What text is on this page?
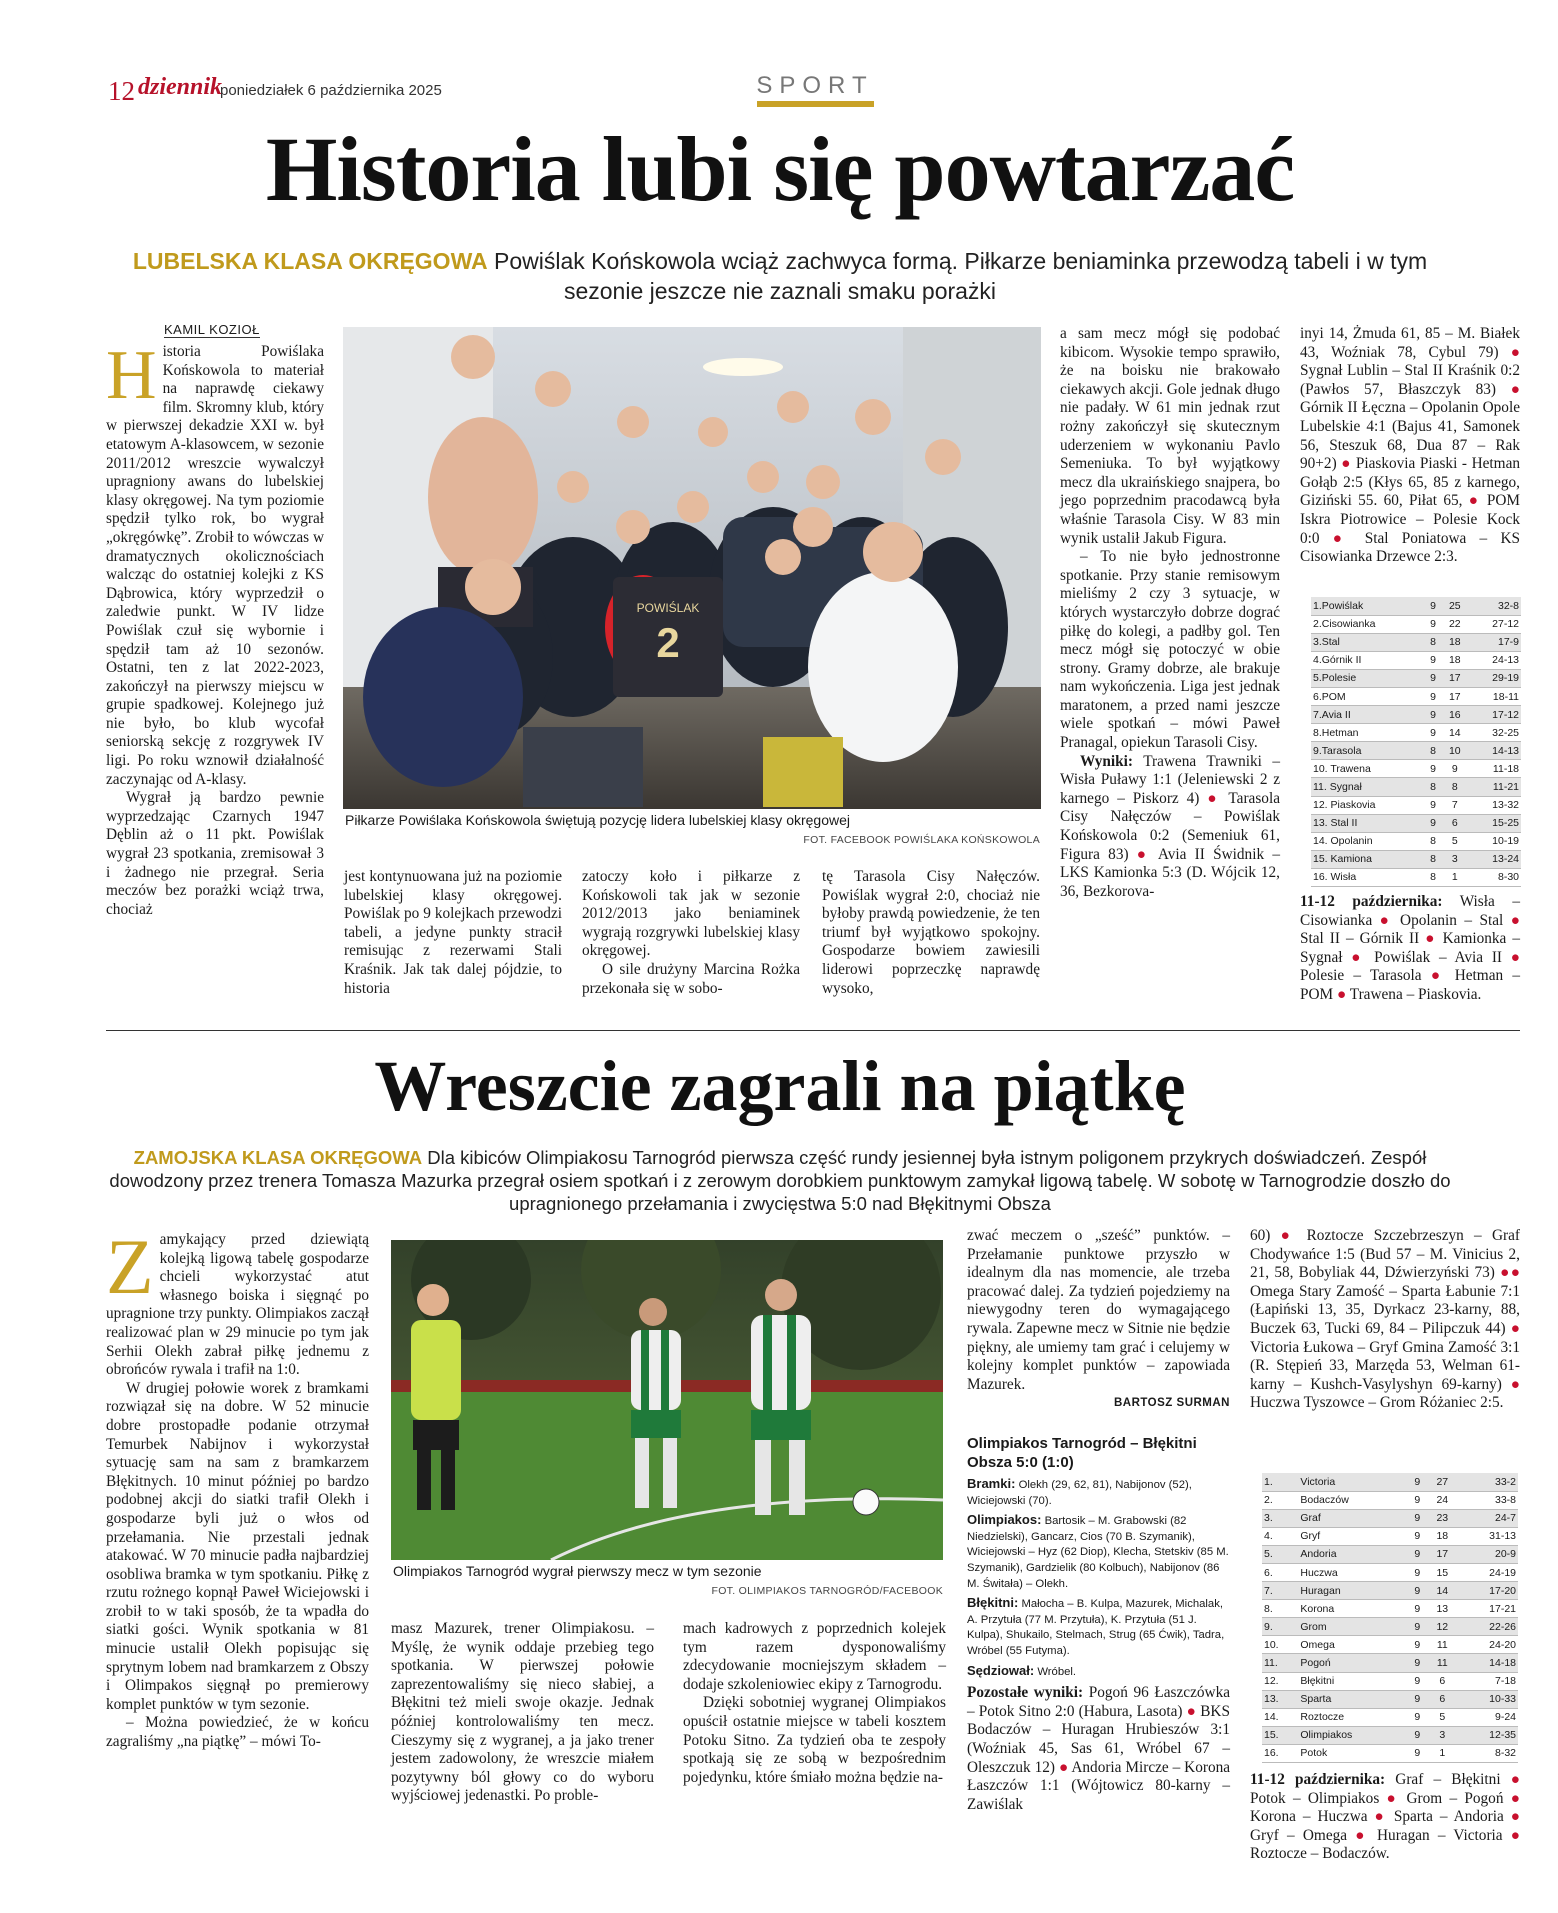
12 dziennik
poniedziałek 6 października 2025	SPORT
Historia lubi się powtarzać
LUBELSKA KLASA OKRĘGOWA Powiślak Końskowola wciąż zachwyca formą. Piłkarze beniaminka przewodzą tabeli i w tym sezonie jeszcze nie zaznali smaku porażki
KAMIL KOZIOŁ

Historia Powiślaka Końskowola to materiał na naprawdę ciekawy film. Skromny klub, który w pierwszej dekadzie XXI w. był etatowym A-klasowcem, w sezonie 2011/2012 wreszcie wywalczył upragniony awans do lubelskiej klasy okręgowej. Na tym poziomie spędził tylko rok, bo wygrał „okręgówkę”. Zrobił to wówczas w dramatycznych okolicznościach walcząc do ostatniej kolejki z KS Dąbrowica, który wyprzedził o zaledwie punkt. W IV lidze Powiślak czuł się wybornie i spędził tam aż 10 sezonów. Ostatni, ten z lat 2022-2023, zakończył na pierwszy miejscu w grupie spadkowej. Kolejnego już nie było, bo klub wycofał seniorską sekcję z rozgrywek IV ligi. Po roku wznowił działalność zaczynając od A-klasy.

Wygrał ją bardzo pewnie wyprzedzając Czarnych 1947 Dęblin aż o 11 pkt. Powiślak wygrał 23 spotkania, zremisował 3 i żadnego nie przegrał. Seria meczów bez porażki wciąż trwa, chociaż

POWIŚLAK
2
Piłkarze Powiślaka Końskowola świętują pozycję lidera lubelskiej klasy okręgowej
FOT. FACEBOOK POWIŚLAKA KOŃSKOWOLA

jest kontynuowana już na poziomie lubelskiej klasy okręgowej. Powiślak po 9 kolejkach przewodzi tabeli, a jedyne punkty stracił remisując z rezerwami Stali Kraśnik. Jak tak dalej pójdzie, to historia

zatoczy koło i piłkarze z Końskowoli tak jak w sezonie 2012/2013 jako beniaminek wygrają rozgrywki lubelskiej klasy okręgowej.

O sile drużyny Marcina Rożka przekonała się w sobo-

tę Tarasola Cisy Nałęczów. Powiślak wygrał 2:0, chociaż nie byłoby prawdą powiedzenie, że ten triumf był wyjątkowo spokojny. Gospodarze bowiem zawiesili liderowi poprzeczkę naprawdę wysoko,

a sam mecz mógł się podobać kibicom. Wysokie tempo sprawiło, że na boisku nie brakowało ciekawych akcji. Gole jednak długo nie padały. W 61 min jednak rzut rożny zakończył się skutecznym uderzeniem w wykonaniu Pavlo Semeniuka. To był wyjątkowy mecz dla ukraińskiego snajpera, bo jego poprzednim pracodawcą była właśnie Tarasola Cisy. W 83 min wynik ustalił Jakub Figura.

– To nie było jednostronne spotkanie. Przy stanie remisowym mieliśmy 2 czy 3 sytuacje, w których wystarczyło dobrze dograć piłkę do kolegi, a padłby gol. Ten mecz mógł się potoczyć w obie strony. Gramy dobrze, ale brakuje nam wykończenia. Liga jest jednak maratonem, a przed nami jeszcze wiele spotkań – mówi Paweł Pranagal, opiekun Tarasoli Cisy.

Wyniki: Trawena Trawniki – Wisła Puławy 1:1 (Jeleniewski 2 z karnego – Piskorz 4) ● Tarasola Cisy Nałęczów – Powiślak Końskowola 0:2 (Semeniuk 61, Figura 83) ● Avia II Świdnik – LKS Kamionka 5:3 (D. Wójcik 12, 36, Bezkorova-

inyi 14, Żmuda 61, 85 – M. Białek 43, Woźniak 78, Cybul 79) ● Sygnał Lublin – Stal II Kraśnik 0:2 (Pawłos 57, Błaszczyk 83) ● Górnik II Łęczna – Opolanin Opole Lubelskie 4:1 (Bajus 41, Samonek 56, Steszuk 68, Dua 87 – Rak 90+2) ● Piaskovia Piaski - Hetman Gołąb 2:5 (Kłys 65, 85 z karnego, Giziński 55. 60, Piłat 65, ● POM Iskra Piotrowice – Polesie Kock 0:0 ● Stal Poniatowa – KS Cisowianka Drzewce 2:3.

1.Powiślak	9	25	32-8
2.Cisowianka	9	22	27-12
3.Stal	8	18	17-9
4.Górnik II	9	18	24-13
5.Polesie	9	17	29-19
6.POM	9	17	18-11
7.Avia II	9	16	17-12
8.Hetman	9	14	32-25
9.Tarasola	8	10	14-13
10. Trawena	9	9	11-18
11. Sygnał	8	8	11-21
12. Piaskovia	9	7	13-32
13. Stal II	9	6	15-25
14. Opolanin	8	5	10-19
15. Kamiona	8	3	13-24
16. Wisła	8	1	8-30

11-12 października: Wisła – Cisowianka ● Opolanin – Stal ● Stal II – Górnik II ● Kamionka – Sygnał ● Powiślak – Avia II ● Polesie – Tarasola ● Hetman – POM ● Trawena – Piaskovia.

Wreszcie zagrali na piątkę
ZAMOJSKA KLASA OKRĘGOWA Dla kibiców Olimpiakosu Tarnogród pierwsza część rundy jesiennej była istnym poligonem przykrych doświadczeń. Zespół dowodzony przez trenera Tomasza Mazurka przegrał osiem spotkań i z zerowym dorobkiem punktowym zamykał ligową tabelę. W sobotę w Tarnogrodzie doszło do upragnionego przełamania i zwycięstwa 5:0 nad Błękitnymi Obsza

Zamykający przed dziewiątą kolejką ligową tabelę gospodarze chcieli wykorzystać atut własnego boiska i sięgnąć po upragnione trzy punkty. Olimpiakos zaczął realizować plan w 29 minucie po tym jak Serhii Olekh zabrał piłkę jednemu z obrońców rywala i trafił na 1:0.

W drugiej połowie worek z bramkami rozwiązał się na dobre. W 52 minucie dobre prostopadłe podanie otrzymał Temurbek Nabijnov i wykorzystał sytuację sam na sam z bramkarzem Błękitnych. 10 minut później po bardzo podobnej akcji do siatki trafił Olekh i gospodarze byli już o włos od przełamania. Nie przestali jednak atakować. W 70 minucie padła najbardziej osobliwa bramka w tym spotkaniu. Piłkę z rzutu rożnego kopnął Paweł Wiciejowski i zrobił to w taki sposób, że ta wpadła do siatki gości. Wynik spotkania w 81 minucie ustalił Olekh popisując się sprytnym lobem nad bramkarzem z Obszy i Olimpakos sięgnął po premierowy komplet punktów w tym sezonie.

– Można powiedzieć, że w końcu zagraliśmy „na piątkę” – mówi To-

Olimpiakos Tarnogród wygrał pierwszy mecz w tym sezonie
FOT. OLIMPIAKOS TARNOGRÓD/FACEBOOK

masz Mazurek, trener Olimpiakosu. – Myślę, że wynik oddaje przebieg tego spotkania. W pierwszej połowie zaprezentowaliśmy się nieco słabiej, a Błękitni też mieli swoje okazje. Jednak później kontrolowaliśmy ten mecz. Cieszymy się z wygranej, a ja jako trener jestem zadowolony, że wreszcie miałem pozytywny ból głowy co do wyboru wyjściowej jedenastki. Po proble-

mach kadrowych z poprzednich kolejek tym razem dysponowaliśmy zdecydowanie mocniejszym składem – dodaje szkoleniowiec ekipy z Tarnogrodu.

Dzięki sobotniej wygranej Olimpiakos opuścił ostatnie miejsce w tabeli kosztem Potoku Sitno. Za tydzień oba te zespoły spotkają się ze sobą w bezpośrednim pojedynku, które śmiało można będzie na-

zwać meczem o „sześć” punktów. – Przełamanie punktowe przyszło w idealnym dla nas momencie, ale trzeba pracować dalej. Za tydzień pojedziemy na niewygodny teren do wymagającego rywala. Zapewne mecz w Sitnie nie będzie piękny, ale umiemy tam grać i celujemy w kolejny komplet punktów – zapowiada Mazurek.

BARTOSZ SURMAN
Olimpiakos Tarnogród – Błękitni Obsza 5:0 (1:0)
Bramki: Olekh (29, 62, 81), Nabijonov (52), Wiciejowski (70).
Olimpiakos: Bartosik – M. Grabowski (82 Niedzielski), Gancarz, Cios (70 B. Szymanik), Wiciejowski – Hyz (62 Diop), Klecha, Stetskiv (85 M. Szymanik), Gardzielik (80 Kolbuch), Nabijonov (86 M. Świtała) – Olekh.
Błękitni: Małocha – B. Kulpa, Mazurek, Michalak, A. Przytuła (77 M. Przytuła), K. Przytuła (51 J. Kulpa), Shukailo, Stelmach, Strug (65 Ćwik), Tadra, Wróbel (55 Futyma).
Sędziował: Wróbel.

Pozostałe wyniki: Pogoń 96 Łaszczówka – Potok Sitno 2:0 (Habura, Lasota) ● BKS Bodaczów – Huragan Hrubieszów 3:1 (Woźniak 45, Sas 61, Wróbel 67 – Oleszczuk 12) ● Andoria Mircze – Korona Łaszczów 1:1 (Wójtowicz 80-karny – Zawiślak

60) ● Roztocze Szczebrzeszyn – Graf Chodywańce 1:5 (Bud 57 – M. Vinicius 2, 21, 58, Bobyliak 44, Dźwierzyński 73) ●● Omega Stary Zamość – Sparta Łabunie 7:1 (Łapiński 13, 35, Dyrkacz 23-karny, 88, Buczek 63, Tucki 69, 84 – Pilipczuk 44) ● Victoria Łukowa – Gryf Gmina Zamość 3:1 (R. Stępień 33, Marzęda 53, Welman 61-karny – Kushch-Vasylyshyn 69-karny) ● Huczwa Tyszowce – Grom Różaniec 2:5.

1.	Victoria	9	27	33-2
2.	Bodaczów	9	24	33-8
3.	Graf	9	23	24-7
4.	Gryf	9	18	31-13
5.	Andoria	9	17	20-9
6.	Huczwa	9	15	24-19
7.	Huragan	9	14	17-20
8.	Korona	9	13	17-21
9.	Grom	9	12	22-26
10.	Omega	9	11	24-20
11.	Pogoń	9	11	14-18
12.	Błękitni	9	6	7-18
13.	Sparta	9	6	10-33
14.	Roztocze	9	5	9-24
15.	Olimpiakos	9	3	12-35
16.	Potok	9	1	8-32

11-12 października: Graf – Błękitni ● Potok – Olimpiakos ● Grom – Pogoń ● Korona – Huczwa ● Sparta – Andoria ● Gryf – Omega ● Huragan – Victoria ● Roztocze – Bodaczów.
